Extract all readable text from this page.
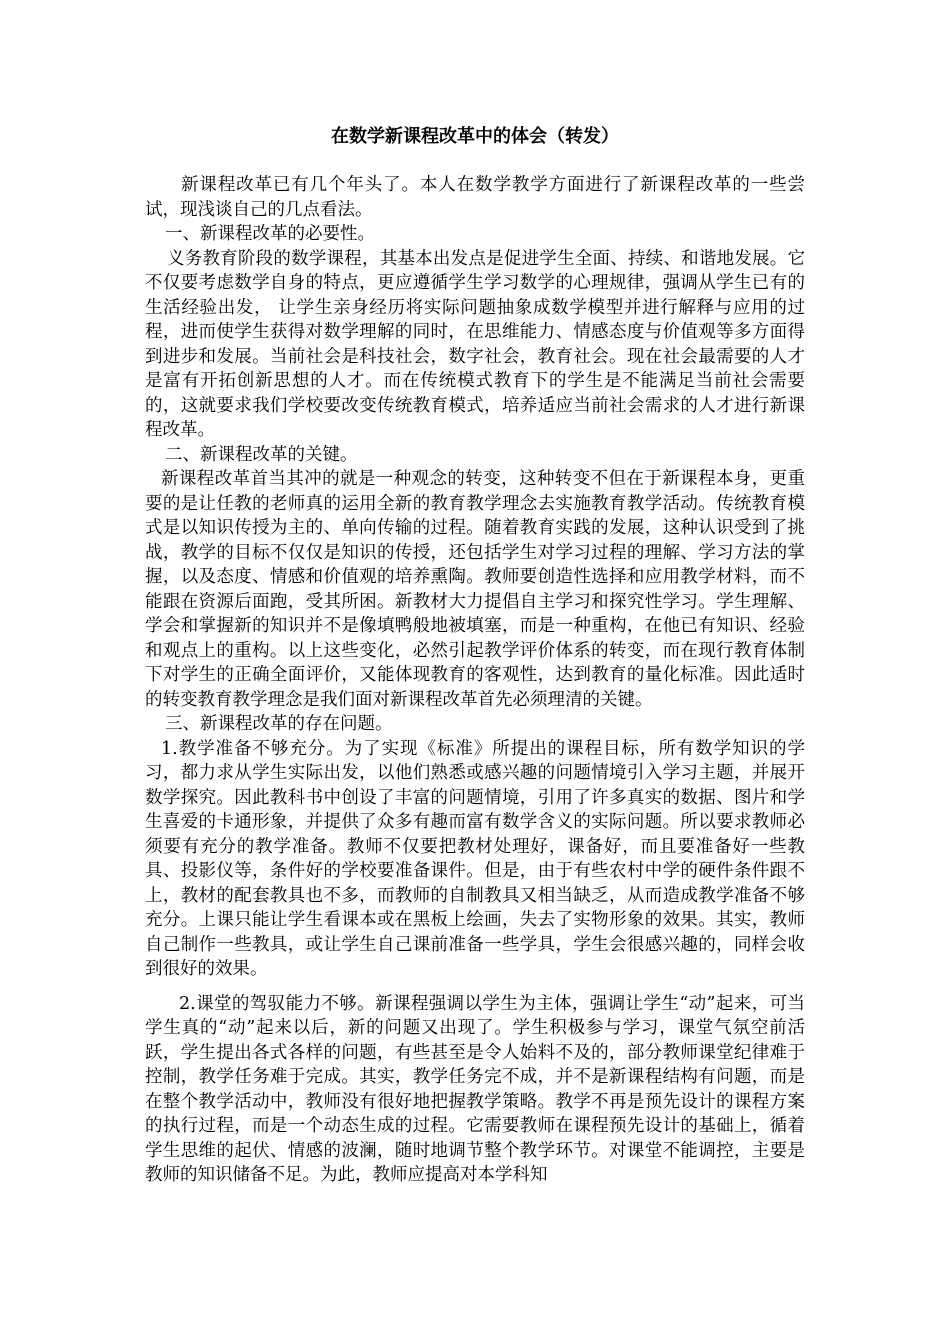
在数学新课程改革中的体会（转发）

新课程改革已有几个年头了。本人在数学教学方面进行了新课程改革的一些尝试，现浅谈自己的几点看法。

一、新课程改革的必要性。

义务教育阶段的数学课程，其基本出发点是促进学生全面、持续、和谐地发展。它不仅要考虑数学自身的特点，更应遵循学生学习数学的心理规律，强调从学生已有的生活经验出发， 让学生亲身经历将实际问题抽象成数学模型并进行解释与应用的过程，进而使学生获得对数学理解的同时，在思维能力、情感态度与价值观等多方面得到进步和发展。当前社会是科技社会，数字社会，教育社会。现在社会最需要的人才是富有开拓创新思想的人才。而在传统模式教育下的学生是不能满足当前社会需要的，这就要求我们学校要改变传统教育模式，培养适应当前社会需求的人才进行新课程改革。

二、新课程改革的关键。

新课程改革首当其冲的就是一种观念的转变，这种转变不但在于新课程本身，更重要的是让任教的老师真的运用全新的教育教学理念去实施教育教学活动。传统教育模式是以知识传授为主的、单向传输的过程。随着教育实践的发展，这种认识受到了挑战，教学的目标不仅仅是知识的传授，还包括学生对学习过程的理解、学习方法的掌握，以及态度、情感和价值观的培养熏陶。教师要创造性选择和应用教学材料，而不能跟在资源后面跑，受其所困。新教材大力提倡自主学习和探究性学习。学生理解、学会和掌握新的知识并不是像填鸭般地被填塞，而是一种重构，在他已有知识、经验和观点上的重构。以上这些变化，必然引起教学评价体系的转变，而在现行教育体制下对学生的正确全面评价，又能体现教育的客观性，达到教育的量化标准。因此适时的转变教育教学理念是我们面对新课程改革首先必须理清的关键。

三、新课程改革的存在问题。

1.教学准备不够充分。为了实现《标准》所提出的课程目标，所有数学知识的学习，都力求从学生实际出发，以他们熟悉或感兴趣的问题情境引入学习主题，并展开数学探究。因此教科书中创设了丰富的问题情境，引用了许多真实的数据、图片和学生喜爱的卡通形象，并提供了众多有趣而富有数学含义的实际问题。所以要求教师必须要有充分的教学准备。教师不仅要把教材处理好，课备好，而且要准备好一些教具、投影仪等，条件好的学校要准备课件。但是，由于有些农村中学的硬件条件跟不上，教材的配套教具也不多，而教师的自制教具又相当缺乏，从而造成教学准备不够充分。上课只能让学生看课本或在黑板上绘画，失去了实物形象的效果。其实，教师自己制作一些教具，或让学生自己课前准备一些学具，学生会很感兴趣的，同样会收到很好的效果。

2.课堂的驾驭能力不够。新课程强调以学生为主体，强调让学生“动”起来，可当学生真的“动”起来以后，新的问题又出现了。学生积极参与学习，课堂气氛空前活跃，学生提出各式各样的问题，有些甚至是令人始料不及的，部分教师课堂纪律难于控制，教学任务难于完成。其实，教学任务完不成，并不是新课程结构有问题，而是在整个教学活动中，教师没有很好地把握教学策略。教学不再是预先设计的课程方案的执行过程，而是一个动态生成的过程。它需要教师在课程预先设计的基础上，循着学生思维的起伏、情感的波澜，随时地调节整个教学环节。对课堂不能调控，主要是教师的知识储备不足。为此，教师应提高对本学科知
